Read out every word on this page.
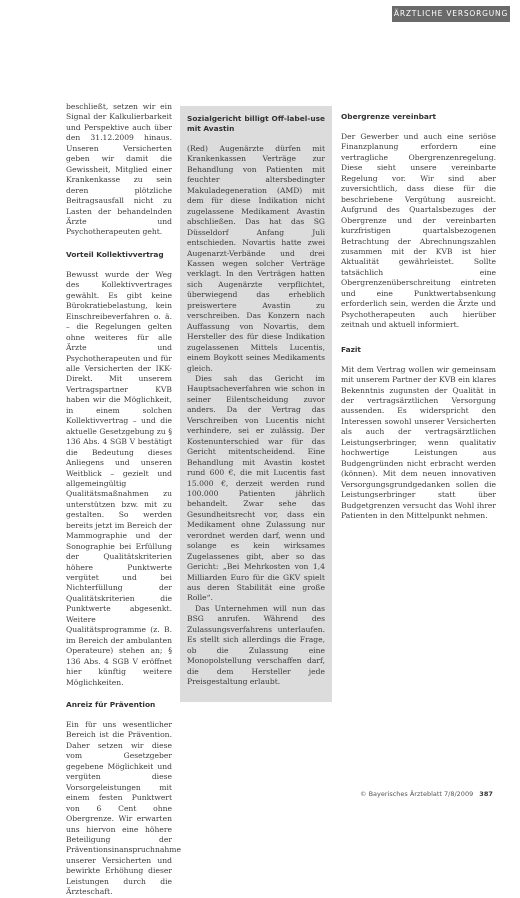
ÄRZTLICHE VERSORGUNG

beschließt, setzen wir ein Signal der Kalkulierbarkeit und Perspektive auch über den 31.12.2009 hinaus. Unseren Versicherten geben wir damit die Gewissheit, Mitglied einer Krankenkasse zu sein deren plötzliche Beitragsausfall nicht zu Lasten der behandelnden Ärzte und Psychotherapeuten geht.

Vorteil Kollektivvertrag

Bewusst wurde der Weg des Kollektivvertrages gewählt. Es gibt keine Bürokratiebelastung, kein Einschreibeverfahren o. ä. – die Regelungen gelten ohne weiteres für alle Ärzte und Psychotherapeuten und für alle Versicherten der IKK-Direkt. Mit unserem Vertragspartner KVB haben wir die Möglichkeit, in einem solchen Kollektivvertrag – und die aktuelle Gesetzgebung zu § 136 Abs. 4 SGB V bestätigt die Bedeutung dieses Anliegens und unseren Weitblick – gezielt und allgemeingültig Qualitätsmaßnahmen zu unterstützen bzw. mit zu gestalten. So werden bereits jetzt im Bereich der Mammographie und der Sonographie bei Erfüllung der Qualitätskriterien höhere Punktwerte vergütet und bei Nichterfüllung der Qualitätskriterien die Punktwerte abgesenkt. Weitere Qualitätsprogramme (z. B. im Bereich der ambulanten Operateure) stehen an; § 136 Abs. 4 SGB V eröffnet hier künftig weitere Möglichkeiten.

Anreiz für Prävention

Ein für uns wesentlicher Bereich ist die Prävention. Daher setzen wir diese vom Gesetzgeber gegebene Möglichkeit und vergüten diese Vorsorgeleistungen mit einem festen Punktwert von 6 Cent ohne Obergrenze. Wir erwarten uns hiervon eine höhere Beteiligung der Präventionsinanspruchnahme unserer Versicherten und bewirkte Erhöhung dieser Leistungen durch die Ärzteschaft.

Sozialgericht billigt Off-label-use mit Avastin

(Red) Augenärzte dürfen mit Krankenkassen Verträge zur Behandlung von Patienten mit feuchter altersbedingter Makuladegeneration (AMD) mit dem für diese Indikation nicht zugelassene Medikament Avastin abschließen. Das hat das SG Düsseldorf Anfang Juli entschieden. Novartis hatte zwei Augenarzt-Verbände und drei Kassen wegen solcher Verträge verklagt. In den Verträgen hatten sich Augenärzte verpflichtet, überwiegend das erheblich preiswertere Avastin zu verschreiben. Das Konzern nach Auffassung von Novartis, dem Hersteller des für diese Indikation zugelassenen Mittels Lucentis, einem Boykott seines Medikaments gleich.

Dies sah das Gericht im Hauptsacheverfahren wie schon in seiner Eilentscheidung zuvor anders. Da der Vertrag das Verschreiben von Lucentis nicht verhindere, sei er zulässig. Der Kostenunterschied war für das Gericht mitentscheidend. Eine Behandlung mit Avastin kostet rund 600 €, die mit Lucentis fast 15.000 €, derzeit werden rund 100.000 Patienten jährlich behandelt. Zwar sehe das Gesundheitsrecht vor, dass ein Medikament ohne Zulassung nur verordnet werden darf, wenn und solange es kein wirksames Zugelassenes gibt, aber so das Gericht: „Bei Mehrkosten von 1,4 Milliarden Euro für die GKV spielt aus deren Stabilität eine große Rolle“.

Das Unternehmen will nun das BSG anrufen. Während des Zulassungsverfahrens unterlaufen. Es stellt sich allerdings die Frage, ob die Zulassung eine Monopolstellung verschaffen darf, die dem Hersteller jede Preisgestaltung erlaubt.

Obergrenze vereinbart

Der Gewerber und auch eine seriöse Finanzplanung erfordern eine vertragliche Obergrenzenregelung. Diese sieht unsere vereinbarte Regelung vor. Wir sind aber zuversichtlich, dass diese für die beschriebene Vergütung ausreicht. Aufgrund des Quartalsbezuges der Obergrenze und der vereinbarten kurzfristigen quartalsbezogenen Betrachtung der Abrechnungszahlen zusammen mit der KVB ist hier Aktualität gewährleistet. Sollte tatsächlich eine Obergrenzenüberschreitung eintreten und eine Punktwertabsenkung erforderlich sein, werden die Ärzte und Psychotherapeuten auch hierüber zeitnah und aktuell informiert.

Fazit

Mit dem Vertrag wollen wir gemeinsam mit unserem Partner der KVB ein klares Bekenntnis zugunsten der Qualität in der vertragsärztlichen Versorgung aussenden. Es widerspricht den Interessen sowohl unserer Versicherten als auch der vertragsärztlichen Leistungserbringer, wenn qualitativ hochwertige Leistungen aus Budgengründen nicht erbracht werden (können). Mit dem neuen innovativen Versorgungsgrundgedanken sollen die Leistungserbringer statt über Budgetgrenzen versucht das Wohl ihrer Patienten in den Mittelpunkt nehmen.

© Bayerisches Ärzteblatt 7/8/2009 387
